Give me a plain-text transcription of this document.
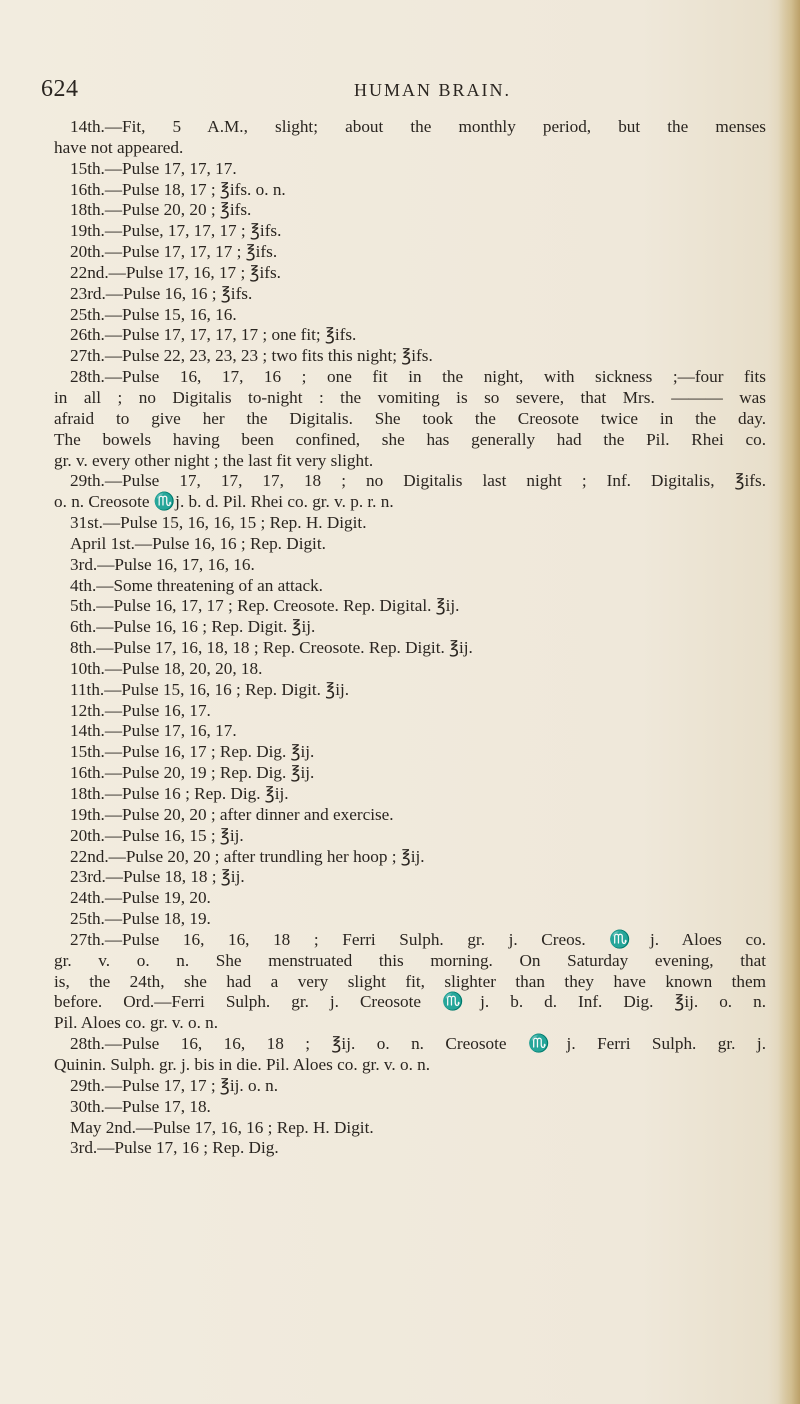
624	HUMAN BRAIN.
14th.—Fit, 5 A.M., slight; about the monthly period, but the menses
have not appeared.
15th.—Pulse 17, 17, 17.
16th.—Pulse 18, 17 ; ℥ifs. o. n.
18th.—Pulse 20, 20 ; ℥ifs.
19th.—Pulse, 17, 17, 17 ; ℥ifs.
20th.—Pulse 17, 17, 17 ; ℥ifs.
22nd.—Pulse 17, 16, 17 ; ℥ifs.
23rd.—Pulse 16, 16 ; ℥ifs.
25th.—Pulse 15, 16, 16.
26th.—Pulse 17, 17, 17, 17 ; one fit; ℥ifs.
27th.—Pulse 22, 23, 23, 23 ; two fits this night; ℥ifs.
28th.—Pulse 16, 17, 16 ; one fit in the night, with sickness ;—four fits
in all ; no Digitalis to-night : the vomiting is so severe, that Mrs. ——— was
afraid to give her the Digitalis. She took the Creosote twice in the day.
The bowels having been confined, she has generally had the Pil. Rhei co.
gr. v. every other night ; the last fit very slight.
29th.—Pulse 17, 17, 17, 18 ; no Digitalis last night ; Inf. Digitalis, ℥ifs.
o. n. Creosote ♏j. b. d. Pil. Rhei co. gr. v. p. r. n.
31st.—Pulse 15, 16, 16, 15 ; Rep. H. Digit.
April 1st.—Pulse 16, 16 ; Rep. Digit.
3rd.—Pulse 16, 17, 16, 16.
4th.—Some threatening of an attack.
5th.—Pulse 16, 17, 17 ; Rep. Creosote. Rep. Digital. ℥ij.
6th.—Pulse 16, 16 ; Rep. Digit. ℥ij.
8th.—Pulse 17, 16, 18, 18 ; Rep. Creosote. Rep. Digit. ℥ij.
10th.—Pulse 18, 20, 20, 18.
11th.—Pulse 15, 16, 16 ; Rep. Digit. ℥ij.
12th.—Pulse 16, 17.
14th.—Pulse 17, 16, 17.
15th.—Pulse 16, 17 ; Rep. Dig. ℥ij.
16th.—Pulse 20, 19 ; Rep. Dig. ℥ij.
18th.—Pulse 16 ; Rep. Dig. ℥ij.
19th.—Pulse 20, 20 ; after dinner and exercise.
20th.—Pulse 16, 15 ; ℥ij.
22nd.—Pulse 20, 20 ; after trundling her hoop ; ℥ij.
23rd.—Pulse 18, 18 ; ℥ij.
24th.—Pulse 19, 20.
25th.—Pulse 18, 19.
27th.—Pulse 16, 16, 18 ; Ferri Sulph. gr. j. Creos. ♏j. Aloes co.
gr. v. o. n. She menstruated this morning. On Saturday evening, that
is, the 24th, she had a very slight fit, slighter than they have known them
before. Ord.—Ferri Sulph. gr. j. Creosote ♏j. b. d. Inf. Dig. ℥ij. o. n.
Pil. Aloes co. gr. v. o. n.
28th.—Pulse 16, 16, 18 ; ℥ij. o. n. Creosote ♏j. Ferri Sulph. gr. j.
Quinin. Sulph. gr. j. bis in die. Pil. Aloes co. gr. v. o. n.
29th.—Pulse 17, 17 ; ℥ij. o. n.
30th.—Pulse 17, 18.
May 2nd.—Pulse 17, 16, 16 ; Rep. H. Digit.
3rd.—Pulse 17, 16 ; Rep. Dig.
